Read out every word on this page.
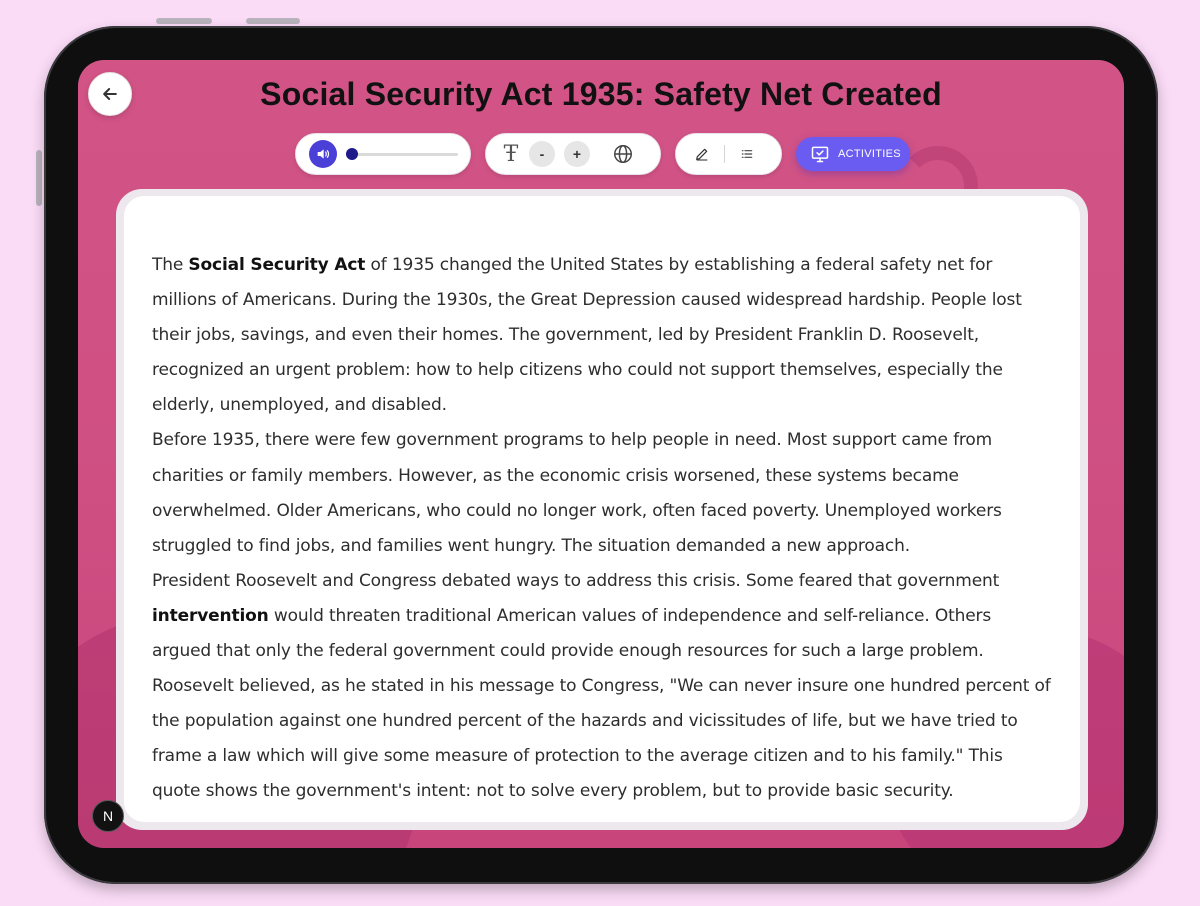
Social Security Act 1935: Safety Net Created
Ŧ	-	+	ACTIVITIES

The Social Security Act of 1935 changed the United States by establishing a federal safety net for millions of Americans. During the 1930s, the Great Depression caused widespread hardship. People lost their jobs, savings, and even their homes. The government, led by President Franklin D. Roosevelt, recognized an urgent problem: how to help citizens who could not support themselves, especially the elderly, unemployed, and disabled.

Before 1935, there were few government programs to help people in need. Most support came from charities or family members. However, as the economic crisis worsened, these systems became overwhelmed. Older Americans, who could no longer work, often faced poverty. Unemployed workers struggled to find jobs, and families went hungry. The situation demanded a new approach.

President Roosevelt and Congress debated ways to address this crisis. Some feared that government intervention would threaten traditional American values of independence and self-reliance. Others argued that only the federal government could provide enough resources for such a large problem. Roosevelt believed, as he stated in his message to Congress, "We can never insure one hundred percent of the population against one hundred percent of the hazards and vicissitudes of life, but we have tried to frame a law which will give some measure of protection to the average citizen and to his family." This quote shows the government's intent: not to solve every problem, but to provide basic security.

N
